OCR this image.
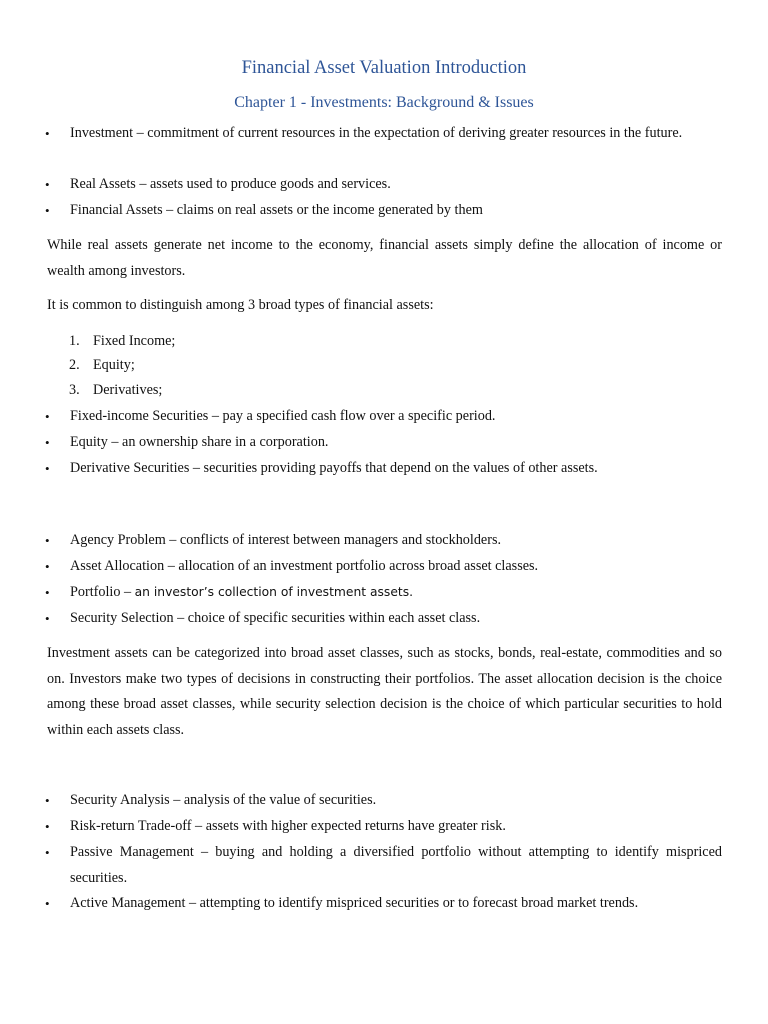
Financial Asset Valuation Introduction
Chapter 1 - Investments: Background & Issues
• Investment – commitment of current resources in the expectation of deriving greater resources in the future.
• Real Assets – assets used to produce goods and services.
• Financial Assets – claims on real assets or the income generated by them

While real assets generate net income to the economy, financial assets simply define the allocation of income or wealth among investors.

It is common to distinguish among 3 broad types of financial assets:

1. Fixed Income;
2. Equity;
3. Derivatives;
• Fixed-income Securities – pay a specified cash flow over a specific period.
• Equity – an ownership share in a corporation.
• Derivative Securities – securities providing payoffs that depend on the values of other assets.
• Agency Problem – conflicts of interest between managers and stockholders.
• Asset Allocation – allocation of an investment portfolio across broad asset classes.
• Portfolio – an investor’s collection of investment assets.
• Security Selection – choice of specific securities within each asset class.

Investment assets can be categorized into broad asset classes, such as stocks, bonds, real-estate, commodities and so on. Investors make two types of decisions in constructing their portfolios. The asset allocation decision is the choice among these broad asset classes, while security selection decision is the choice of which particular securities to hold within each assets class.

• Security Analysis – analysis of the value of securities.
• Risk-return Trade-off – assets with higher expected returns have greater risk.
• Passive Management – buying and holding a diversified portfolio without attempting to identify mispriced securities.
• Active Management – attempting to identify mispriced securities or to forecast broad market trends.
